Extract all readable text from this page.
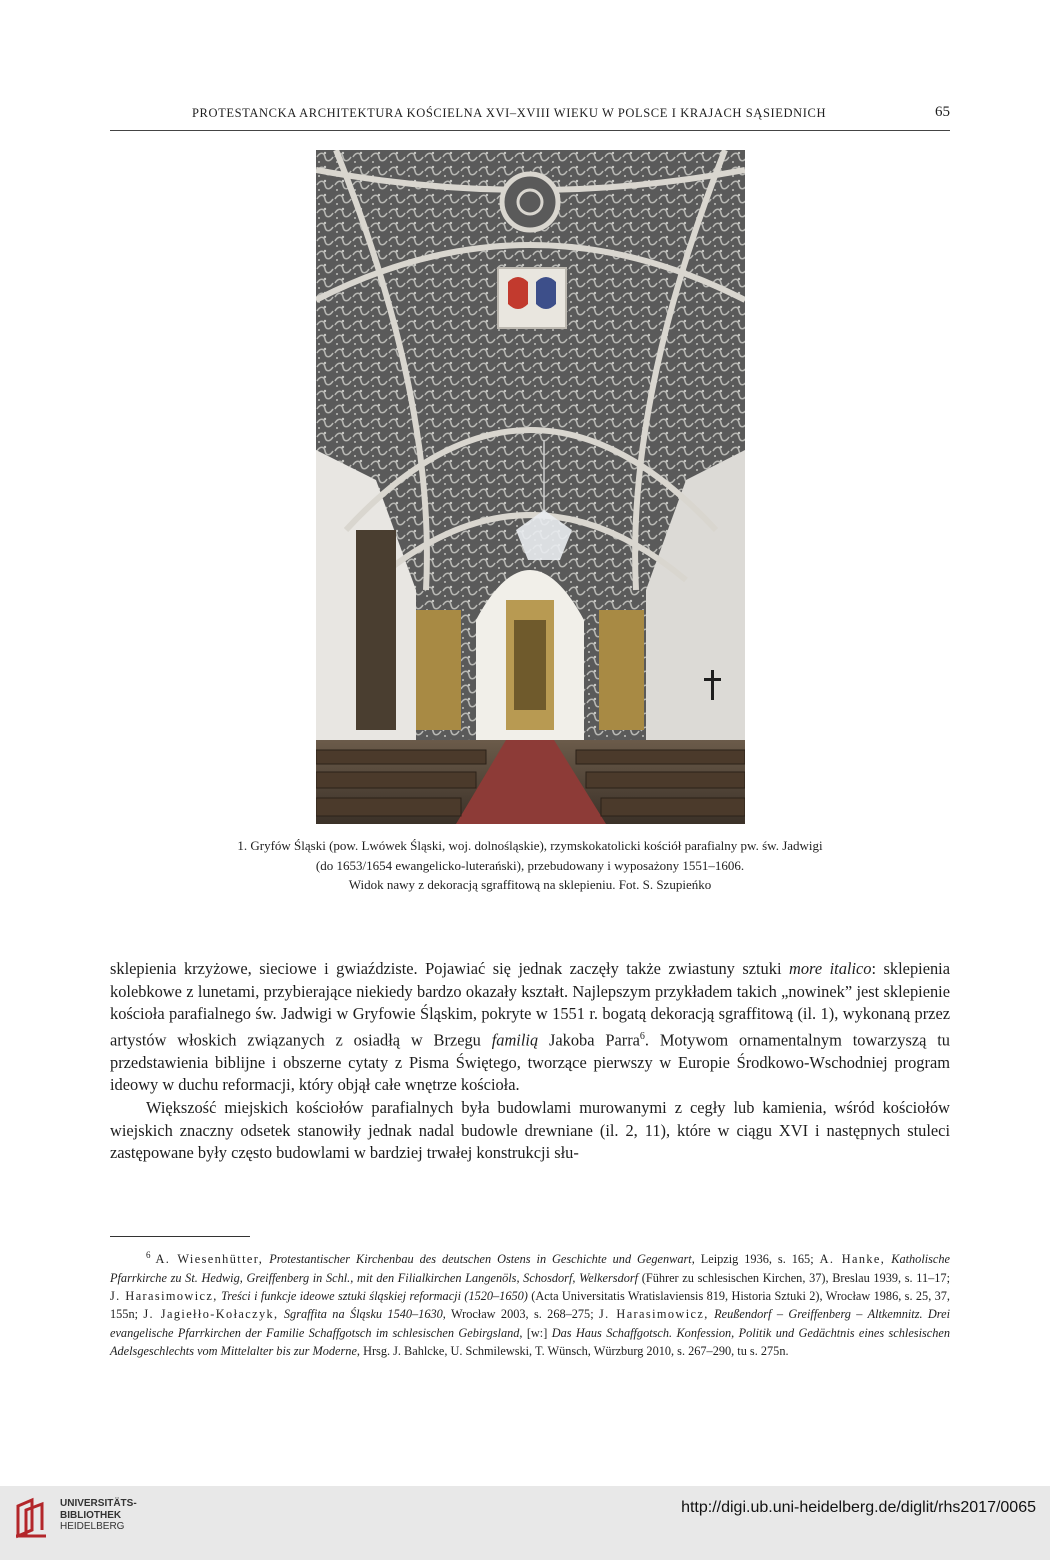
PROTESTANCKA ARCHITEKTURA KOŚCIELNA XVI–XVIII WIEKU W POLSCE I KRAJACH SĄSIEDNICH	65
1. Gryfów Śląski (pow. Lwówek Śląski, woj. dolnośląskie), rzymskokatolicki kościół parafialny pw. św. Jadwigi
(do 1653/1654 ewangelicko-luterański), przebudowany i wyposażony 1551–1606.
Widok nawy z dekoracją sgraffitową na sklepieniu. Fot. S. Szupieńko

sklepienia krzyżowe, sieciowe i gwiaździste. Pojawiać się jednak zaczęły także zwiastuny sztuki more italico: sklepienia kolebkowe z lunetami, przybierające niekiedy bardzo okazały kształt. Najlepszym przykładem takich „nowinek” jest sklepienie kościoła parafialnego św. Jadwigi w Gryfowie Śląskim, pokryte w 1551 r. bogatą dekoracją sgraffitową (il. 1), wykonaną przez artystów włoskich związanych z osiadłą w Brzegu familią Jakoba Parra$^6$. Motywom ornamentalnym towarzyszą tu przedstawienia biblijne i obszerne cytaty z Pisma Świętego, tworzące pierwszy w Europie Środkowo-Wschodniej program ideowy w duchu reformacji, który objął całe wnętrze kościoła.

Większość miejskich kościołów parafialnych była budowlami murowanymi z cegły lub kamienia, wśród kościołów wiejskich znaczny odsetek stanowiły jednak nadal budowle drewniane (il. 2, 11), które w ciągu XVI i następnych stuleci zastępowane były często budowlami w bardziej trwałej konstrukcji słu-

$^6$ A. Wiesenhütter, Protestantischer Kirchenbau des deutschen Ostens in Geschichte und Gegenwart, Leipzig 1936, s. 165; A. Hanke, Katholische Pfarrkirche zu St. Hedwig, Greiffenberg in Schl., mit den Filialkirchen Langenöls, Schosdorf, Welkersdorf (Führer zu schlesischen Kirchen, 37), Breslau 1939, s. 11–17; J. Harasimowicz, Treści i funkcje ideowe sztuki śląskiej reformacji (1520–1650) (Acta Universitatis Wratislaviensis 819, Historia Sztuki 2), Wrocław 1986, s. 25, 37, 155n; J. Jagiełło-Kołaczyk, Sgraffita na Śląsku 1540–1630, Wrocław 2003, s. 268–275; J. Harasimowicz, Reußendorf – Greiffenberg – Altkemnitz. Drei evangelische Pfarrkirchen der Familie Schaffgotsch im schlesischen Gebirgsland, [w:] Das Haus Schaffgotsch. Konfession, Politik und Gedächtnis eines schlesischen Adelsgeschlechts vom Mittelalter bis zur Moderne, Hrsg. J. Bahlcke, U. Schmilewski, T. Wünsch, Würzburg 2010, s. 267–290, tu s. 275n.
UNIVERSITÄTS-
BIBLIOTHEK
HEIDELBERG
http://digi.ub.uni-heidelberg.de/diglit/rhs2017/0065
